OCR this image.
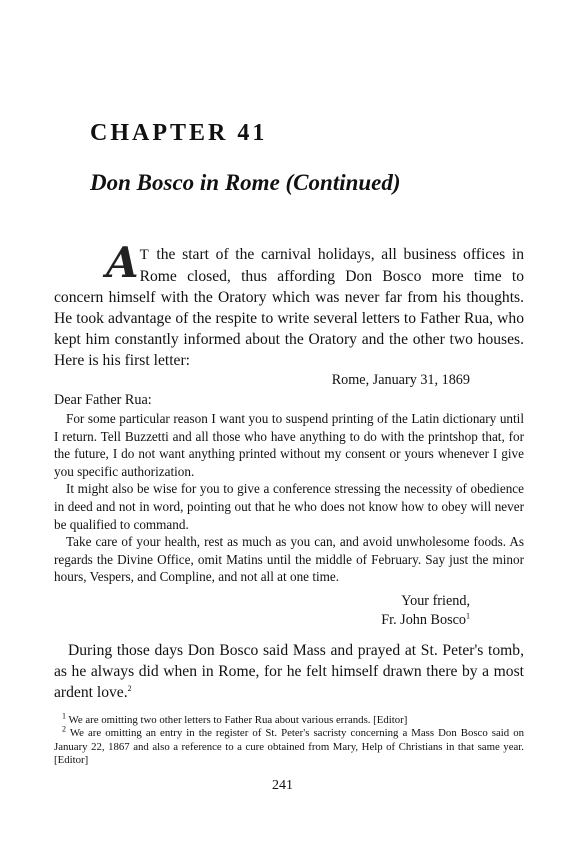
CHAPTER 41
Don Bosco in Rome (Continued)

A T the start of the carnival holidays, all business offices in Rome closed, thus affording Don Bosco more time to concern himself with the Oratory which was never far from his thoughts. He took advantage of the respite to write several letters to Father Rua, who kept him constantly informed about the Oratory and the other two houses. Here is his first letter:

Rome, January 31, 1869

Dear Father Rua:

For some particular reason I want you to suspend printing of the Latin dictionary until I return. Tell Buzzetti and all those who have anything to do with the printshop that, for the future, I do not want anything printed without my consent or yours whenever I give you specific authorization.

It might also be wise for you to give a conference stressing the necessity of obedience in deed and not in word, pointing out that he who does not know how to obey will never be qualified to command.

Take care of your health, rest as much as you can, and avoid unwholesome foods. As regards the Divine Office, omit Matins until the middle of February. Say just the minor hours, Vespers, and Compline, and not all at one time.

Your friend,
Fr. John Bosco$^1$

During those days Don Bosco said Mass and prayed at St. Peter's tomb, as he always did when in Rome, for he felt himself drawn there by a most ardent love.$^2$

$^1$ We are omitting two other letters to Father Rua about various errands. [Editor]

$^2$ We are omitting an entry in the register of St. Peter's sacristy concerning a Mass Don Bosco said on January 22, 1867 and also a reference to a cure obtained from Mary, Help of Christians in that same year. [Editor]

241
